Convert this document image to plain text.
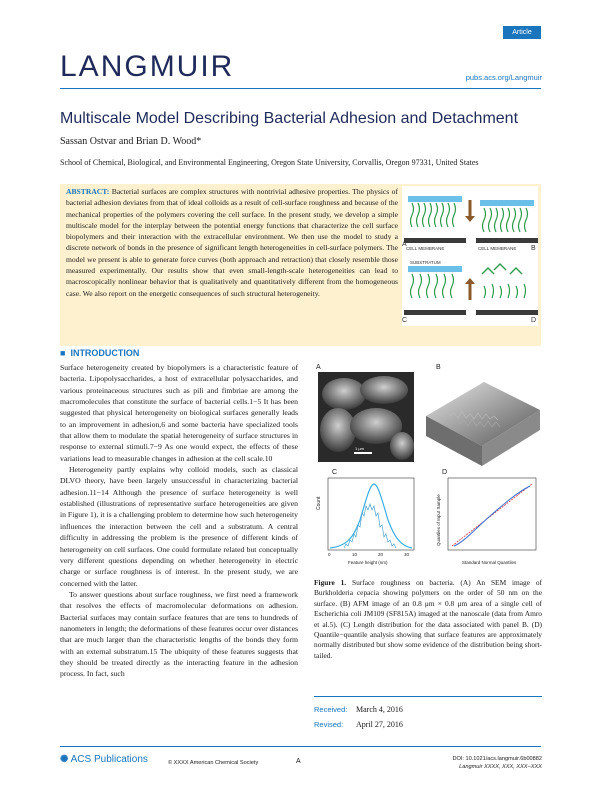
Article
LANGMUIR	pubs.acs.org/Langmuir
Multiscale Model Describing Bacterial Adhesion and Detachment
Sassan Ostvar and Brian D. Wood*
School of Chemical, Biological, and Environmental Engineering, Oregon State University, Corvallis, Oregon 97331, United States
ABSTRACT: Bacterial surfaces are complex structures with nontrivial adhesive properties. The physics of bacterial adhesion deviates from that of ideal colloids as a result of cell-surface roughness and because of the mechanical properties of the polymers covering the cell surface. In the present study, we develop a simple multiscale model for the interplay between the potential energy functions that characterize the cell surface biopolymers and their interaction with the extracellular environment. We then use the model to study a discrete network of bonds in the presence of significant length heterogeneities in cell-surface polymers. The model we present is able to generate force curves (both approach and retraction) that closely resemble those measured experimentally. Our results show that even small-length-scale heterogeneities can lead to macroscopically nonlinear behavior that is qualitatively and quantitatively different from the homogeneous case. We also report on the energetic consequences of such structural heterogeneity.
CELL MEMBRANE
A
CELL MEMBRANE B
SUBSTRATUM
C	D
■  INTRODUCTION

Surface heterogeneity created by biopolymers is a characteristic feature of bacteria. Lipopolysaccharides, a host of extracellular polysaccharides, and various proteinaceous structures such as pili and fimbriae are among the macromolecules that constitute the surface of bacterial cells.1−5 It has been suggested that physical heterogeneity on biological surfaces generally leads to an improvement in adhesion,6 and some bacteria have specialized tools that allow them to modulate the spatial heterogeneity of surface structures in response to external stimuli.7−9 As one would expect, the effects of these variations lead to measurable changes in adhesion at the cell scale.10

Heterogeneity partly explains why colloid models, such as classical DLVO theory, have been largely unsuccessful in characterizing bacterial adhesion.11−14 Although the presence of surface heterogeneity is well established (illustrations of representative surface heterogeneities are given in Figure 1), it is a challenging problem to determine how such heterogeneity influences the interaction between the cell and a substratum. A central difficulty in addressing the problem is the presence of different kinds of heterogeneity on cell surfaces. One could formulate related but conceptually very different questions depending on whether heterogeneity in electric charge or surface roughness is of interest. In the present study, we are concerned with the latter.

To answer questions about surface roughness, we first need a framework that resolves the effects of macromolecular deformations on adhesion. Bacterial surfaces may contain surface features that are tens to hundreds of nanometers in length; the deformations of these features occur over distances that are much larger than the characteristic lengths of the bonds they form with an external substratum.15 The ubiquity of these features suggests that they should be treated directly as the interacting feature in the adhesion process. In fact, such

A
1 µm
B
C
Count
0	10	20	30
Feature height (nm)
D
Quantiles of Input Sample
Standard Normal Quantiles
Figure 1. Surface roughness on bacteria. (A) An SEM image of Burkholderia cepacia showing polymers on the order of 50 nm on the surface. (B) AFM image of an 0.8 μm × 0.8 μm area of a single cell of Escherichia coli JM109 (SF815A) imaged at the nanoscale (data from Amro et al.5). (C) Length distribution for the data associated with panel B. (D) Quantile−quantile analysis showing that surface features are approximately normally distributed but show some evidence of the distribution being short-tailed.
Received: March 4, 2016
Revised: April 27, 2016
✺ ACS Publications	© XXXX American Chemical Society	A	DOI: 10.1021/acs.langmuir.6b00882
Langmuir XXXX, XXX, XXX−XXX
